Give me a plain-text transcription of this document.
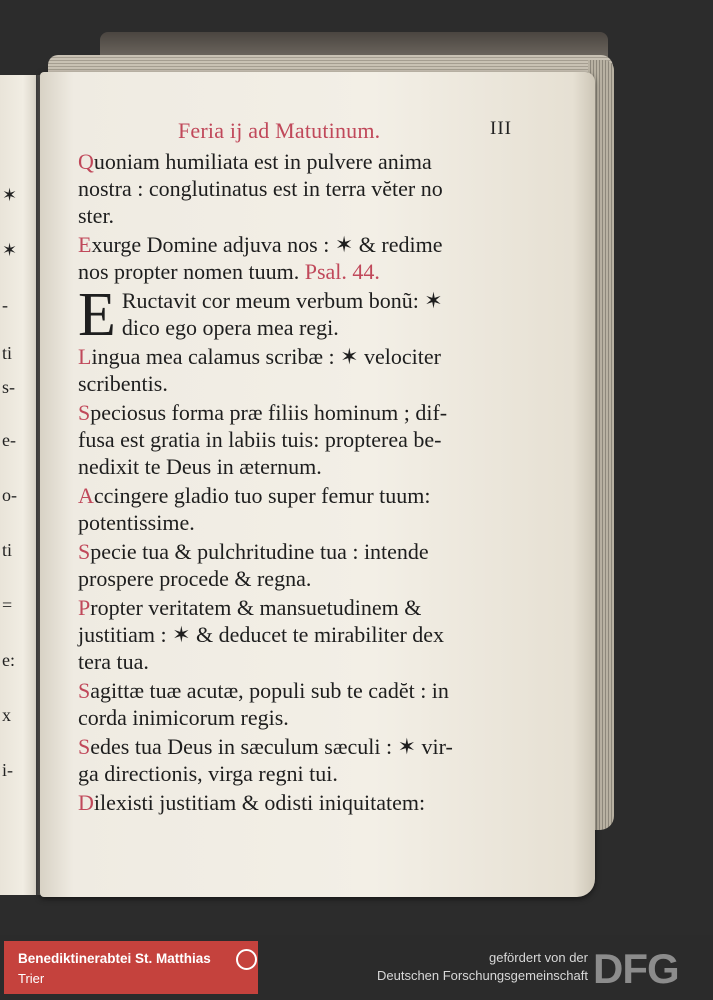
✶
✶
-
ti
s-
e-
o-
ti
=
e:
x
i-
Feria ij ad Matutinum.	III
Quoniam humiliata est in pulvere anima
nostra : conglutinatus est in terra vĕter no
ster.
Exurge Domine adjuva nos : ✶ & redime
nos propter nomen tuum. Psal. 44.
E Ructavit cor meum verbum bonũ: ✶
dico ego opera mea regi.
Lingua mea calamus scribæ : ✶ velociter
scribentis.
Speciosus forma præ filiis hominum ; dif-
fusa est gratia in labiis tuis: propterea be-
nedixit te Deus in æternum.
Accingere gladio tuo super femur tuum:
potentissime.
Specie tua & pulchritudine tua : intende
prospere procede & regna.
Propter veritatem & mansuetudinem &
justitiam : ✶ & deducet te mirabiliter dex
tera tua.
Sagittæ tuæ acutæ, populi sub te cadĕt : in
corda inimicorum regis.
Sedes tua Deus in sæculum sæculi : ✶ vir-
ga directionis, virga regni tui.
Dilexisti justitiam & odisti iniquitatem:
Benediktinerabtei St. Matthias
Trier
gefördert von der
Deutschen Forschungsgemeinschaft DFG
